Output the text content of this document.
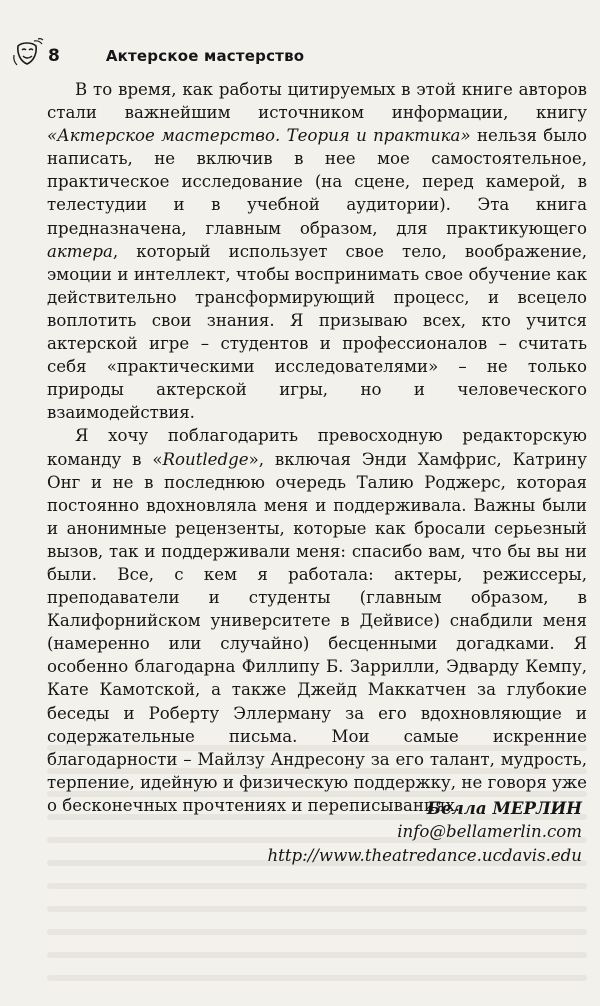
8	Актерское мастерство

В то время, как работы цитируемых в этой книге авторов стали важнейшим источником информации, книгу «Актерское мастерство. Теория и практика» нельзя было написать, не включив в нее мое самостоятельное, практическое исследование (на сцене, перед камерой, в телестудии и в учебной аудитории). Эта книга предназначена, главным образом, для практикующего актера, который использует свое тело, воображение, эмоции и интеллект, чтобы воспринимать свое обучение как действительно трансформирующий процесс, и всецело воплотить свои знания. Я призываю всех, кто учится актерской игре – студентов и профессионалов – считать себя «практическими исследователями» – не только природы актерской игры, но и человеческого взаимодействия.

Я хочу поблагодарить превосходную редакторскую команду в «Routledge», включая Энди Хамфрис, Катрину Онг и не в последнюю очередь Талию Роджерс, которая постоянно вдохновляла меня и поддерживала. Важны были и анонимные рецензенты, которые как бросали серьезный вызов, так и поддерживали меня: спасибо вам, что бы вы ни были. Все, с кем я работала: актеры, режиссеры, преподаватели и студенты (главным образом, в Калифорнийском университете в Дейвисе) снабдили меня (намеренно или случайно) бесценными догадками. Я особенно благодарна Филлипу Б. Заррилли, Эдварду Кемпу, Кате Камотской, а также Джейд Маккатчен за глубокие беседы и Роберту Эллерману за его вдохновляющие и содержательные письма. Мои самые искренние благодарности – Майлзу Андресону за его талант, мудрость, терпение, идейную и физическую поддержку, не говоря уже о бесконечных прочтениях и переписываниях.

Белла МЕРЛИН
info@bellamerlin.com
http://www.theatredance.ucdavis.edu
